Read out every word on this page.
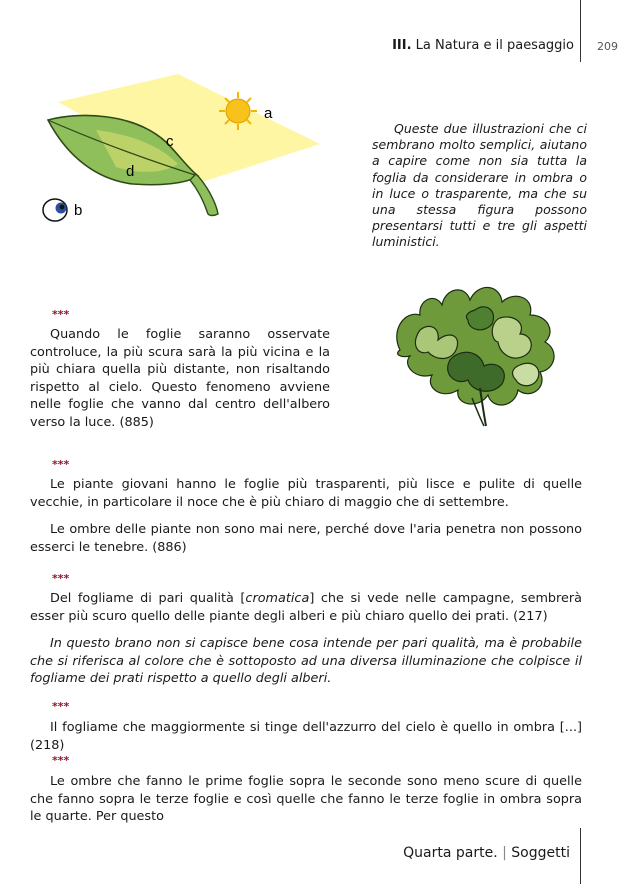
III. La Natura e il paesaggio 209
a
c
d
b
Queste due illustrazioni che ci sembrano molto semplici, aiutano a capire come non sia tutta la foglia da considerare in ombra o in luce o trasparente, ma che su una stessa figura possono presentarsi tutti e tre gli aspetti luministici.
***

Quando le foglie saranno osservate controluce, la più scura sarà la più vicina e la più chiara quella più distante, non risaltando rispetto al cielo. Questo fenomeno avviene nelle foglie che vanno dal centro dell'albero verso la luce. (885)

***

Le piante giovani hanno le foglie più trasparenti, più lisce e pulite di quelle vecchie, in particolare il noce che è più chiaro di maggio che di settembre.

Le ombre delle piante non sono mai nere, perché dove l'aria penetra non possono esserci le tenebre. (886)

***

Del fogliame di pari qualità [cromatica] che si vede nelle campagne, sembrerà esser più scuro quello delle piante degli alberi e più chiaro quello dei prati. (217)

In questo brano non si capisce bene cosa intende per pari qualità, ma è probabile che si riferisca al colore che è sottoposto ad una diversa illuminazione che colpisce il fogliame dei prati rispetto a quello degli alberi.

***

Il fogliame che maggiormente si tinge dell'azzurro del cielo è quello in ombra [...] (218)

***

Le ombre che fanno le prime foglie sopra le seconde sono meno scure di quelle che fanno sopra le terze foglie e così quelle che fanno le terze foglie in ombra sopra le quarte. Per questo

Quarta parte. | Soggetti
